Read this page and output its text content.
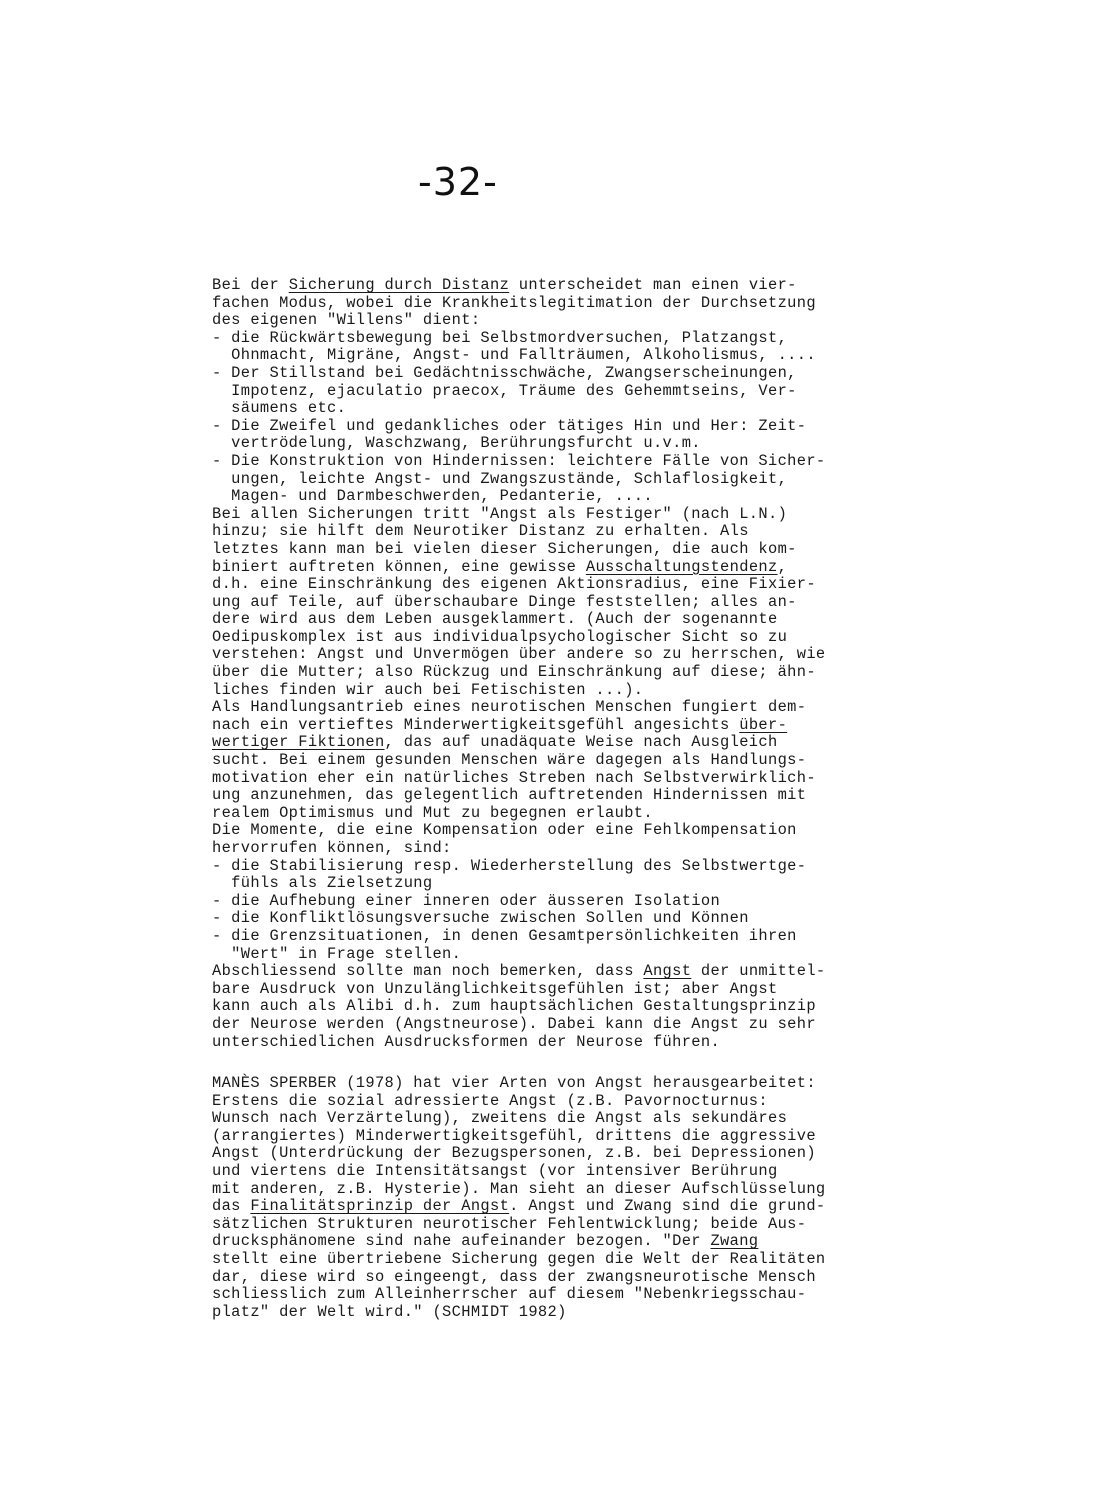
-32-
Bei der Sicherung durch Distanz unterscheidet man einen vier-
fachen Modus, wobei die Krankheitslegitimation der Durchsetzung
des eigenen "Willens" dient:
- die Rückwärtsbewegung bei Selbstmordversuchen, Platzangst,
Ohnmacht, Migräne, Angst- und Fallträumen, Alkoholismus, ....
- Der Stillstand bei Gedächtnisschwäche, Zwangserscheinungen,
Impotenz, ejaculatio praecox, Träume des Gehemmtseins, Ver-
säumens etc.
- Die Zweifel und gedankliches oder tätiges Hin und Her: Zeit-
vertrödelung, Waschzwang, Berührungsfurcht u.v.m.
- Die Konstruktion von Hindernissen: leichtere Fälle von Sicher-
ungen, leichte Angst- und Zwangszustände, Schlaflosigkeit,
Magen- und Darmbeschwerden, Pedanterie, ....
Bei allen Sicherungen tritt "Angst als Festiger" (nach L.N.)
hinzu; sie hilft dem Neurotiker Distanz zu erhalten. Als
letztes kann man bei vielen dieser Sicherungen, die auch kom-
biniert auftreten können, eine gewisse Ausschaltungstendenz,
d.h. eine Einschränkung des eigenen Aktionsradius, eine Fixier-
ung auf Teile, auf überschaubare Dinge feststellen; alles an-
dere wird aus dem Leben ausgeklammert. (Auch der sogenannte
Oedipuskomplex ist aus individualpsychologischer Sicht so zu
verstehen: Angst und Unvermögen über andere so zu herrschen, wie
über die Mutter; also Rückzug und Einschränkung auf diese; ähn-
liches finden wir auch bei Fetischisten ...).
Als Handlungsantrieb eines neurotischen Menschen fungiert dem-
nach ein vertieftes Minderwertigkeitsgefühl angesichts über-
wertiger Fiktionen, das auf unadäquate Weise nach Ausgleich
sucht. Bei einem gesunden Menschen wäre dagegen als Handlungs-
motivation eher ein natürliches Streben nach Selbstverwirklich-
ung anzunehmen, das gelegentlich auftretenden Hindernissen mit
realem Optimismus und Mut zu begegnen erlaubt.
Die Momente, die eine Kompensation oder eine Fehlkompensation
hervorrufen können, sind:
- die Stabilisierung resp. Wiederherstellung des Selbstwertge-
fühls als Zielsetzung
- die Aufhebung einer inneren oder äusseren Isolation
- die Konfliktlösungsversuche zwischen Sollen und Können
- die Grenzsituationen, in denen Gesamtpersönlichkeiten ihren
"Wert" in Frage stellen.
Abschliessend sollte man noch bemerken, dass Angst der unmittel-
bare Ausdruck von Unzulänglichkeitsgefühlen ist; aber Angst
kann auch als Alibi d.h. zum hauptsächlichen Gestaltungsprinzip
der Neurose werden (Angstneurose). Dabei kann die Angst zu sehr
unterschiedlichen Ausdrucksformen der Neurose führen.
MANÈS SPERBER (1978) hat vier Arten von Angst herausgearbeitet:
Erstens die sozial adressierte Angst (z.B. Pavornocturnus:
Wunsch nach Verzärtelung), zweitens die Angst als sekundäres
(arrangiertes) Minderwertigkeitsgefühl, drittens die aggressive
Angst (Unterdrückung der Bezugspersonen, z.B. bei Depressionen)
und viertens die Intensitätsangst (vor intensiver Berührung
mit anderen, z.B. Hysterie). Man sieht an dieser Aufschlüsselung
das Finalitätsprinzip der Angst. Angst und Zwang sind die grund-
sätzlichen Strukturen neurotischer Fehlentwicklung; beide Aus-
drucksphänomene sind nahe aufeinander bezogen. "Der Zwang
stellt eine übertriebene Sicherung gegen die Welt der Realitäten
dar, diese wird so eingeengt, dass der zwangsneurotische Mensch
schliesslich zum Alleinherrscher auf diesem "Nebenkriegsschau-
platz" der Welt wird." (SCHMIDT 1982)
